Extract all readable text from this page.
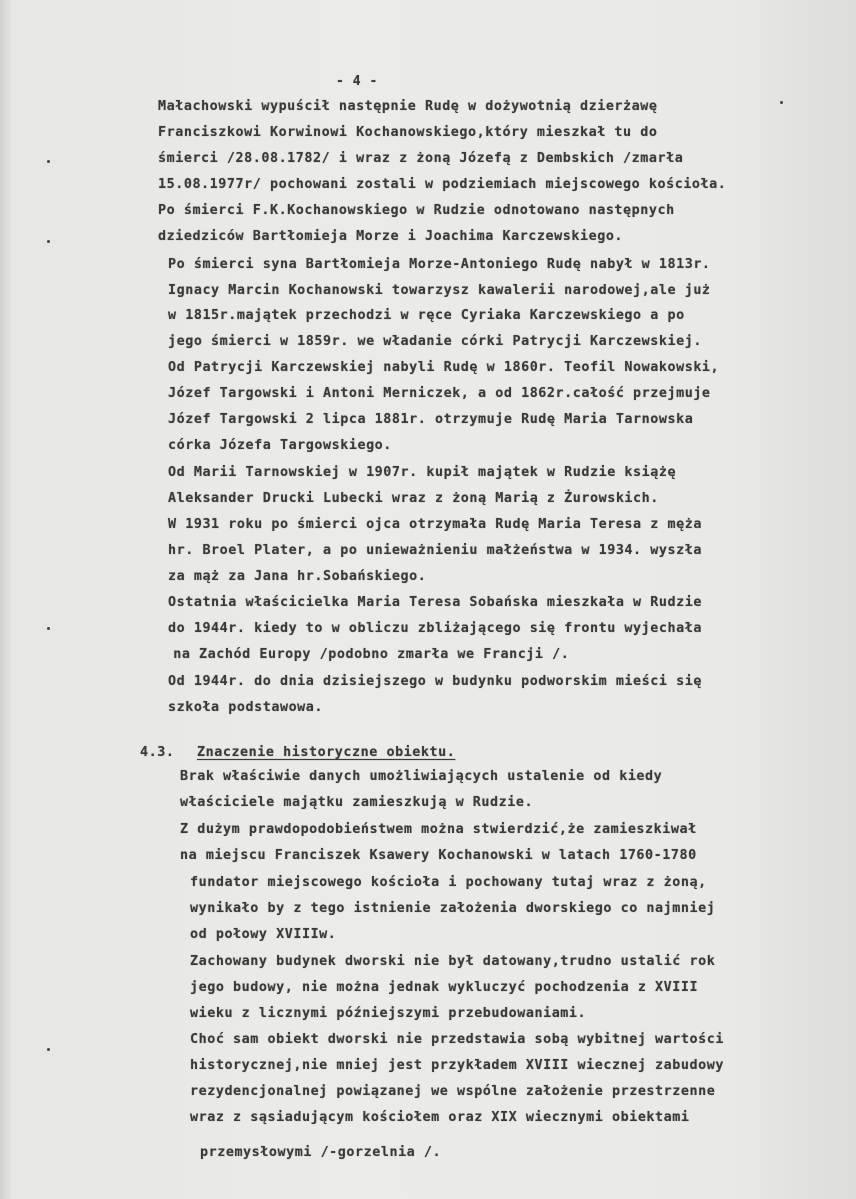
- 4 -
Małachowski wypuścił następnie Rudę w dożywotnią dzierżawę
Franciszkowi Korwinowi Kochanowskiego,który mieszkał tu do
śmierci /28.08.1782/ i wraz z żoną Józefą z Dembskich /zmarła
15.08.1977r/ pochowani zostali w podziemiach miejscowego kościoła.
Po śmierci F.K.Kochanowskiego w Rudzie odnotowano następnych
dziedziców Bartłomieja Morze i Joachima Karczewskiego.
Po śmierci syna Bartłomieja Morze-Antoniego Rudę nabył w 1813r.
Ignacy Marcin Kochanowski towarzysz kawalerii narodowej,ale już
w 1815r.majątek przechodzi w ręce Cyriaka Karczewskiego a po
jego śmierci w 1859r. we władanie córki Patrycji Karczewskiej.
Od Patrycji Karczewskiej nabyli Rudę w 1860r. Teofil Nowakowski,
Józef Targowski i Antoni Merniczek, a od 1862r.całość przejmuje
Józef Targowski 2 lipca 1881r. otrzymuje Rudę Maria Tarnowska
córka Józefa Targowskiego.
Od Marii Tarnowskiej w 1907r. kupił majątek w Rudzie książę
Aleksander Drucki Lubecki wraz z żoną Marią z Żurowskich.
W 1931 roku po śmierci ojca otrzymała Rudę Maria Teresa z męża
hr. Broel Plater, a po unieważnieniu małżeństwa w 1934. wyszła
za mąż za Jana hr.Sobańskiego.
Ostatnia właścicielka Maria Teresa Sobańska mieszkała w Rudzie
do 1944r. kiedy to w obliczu zbliżającego się frontu wyjechała
na Zachód Europy /podobno zmarła we Francji /.
Od 1944r. do dnia dzisiejszego w budynku podworskim mieści się
szkoła podstawowa.
4.3. Znaczenie historyczne obiektu.
Brak właściwie danych umożliwiających ustalenie od kiedy
właściciele majątku zamieszkują w Rudzie.
Z dużym prawdopodobieństwem można stwierdzić,że zamieszkiwał
na miejscu Franciszek Ksawery Kochanowski w latach 1760-1780
fundator miejscowego kościoła i pochowany tutaj wraz z żoną,
wynikało by z tego istnienie założenia dworskiego co najmniej
od połowy XVIIIw.
Zachowany budynek dworski nie był datowany,trudno ustalić rok
jego budowy, nie można jednak wykluczyć pochodzenia z XVIII
wieku z licznymi późniejszymi przebudowaniami.
Choć sam obiekt dworski nie przedstawia sobą wybitnej wartości
historycznej,nie mniej jest przykładem XVIII wiecznej zabudowy
rezydencjonalnej powiązanej we wspólne założenie przestrzenne
wraz z sąsiadującym kościołem oraz XIX wiecznymi obiektami
przemysłowymi /-gorzelnia /.
